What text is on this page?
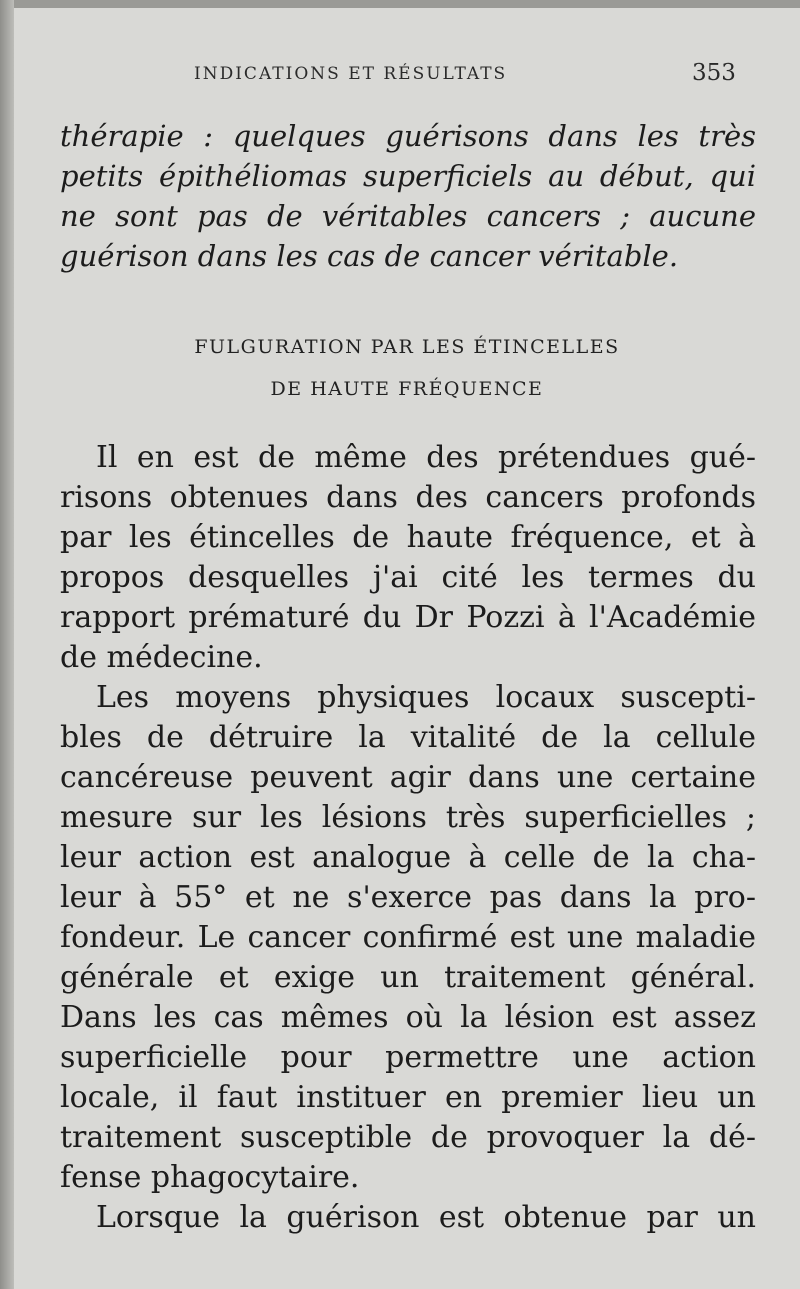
INDICATIONS ET RÉSULTATS	353
thérapie : quelques guérisons dans les très
petits épithéliomas superficiels au début, qui
ne sont pas de véritables cancers ; aucune
guérison dans les cas de cancer véritable.
FULGURATION PAR LES ÉTINCELLES
DE HAUTE FRÉQUENCE
Il en est de même des prétendues gué-
risons obtenues dans des cancers profonds
par les étincelles de haute fréquence, et à
propos desquelles j'ai cité les termes du
rapport prématuré du Dr Pozzi à l'Académie
de médecine.
Les moyens physiques locaux suscepti-
bles de détruire la vitalité de la cellule
cancéreuse peuvent agir dans une certaine
mesure sur les lésions très superficielles ;
leur action est analogue à celle de la cha-
leur à 55° et ne s'exerce pas dans la pro-
fondeur. Le cancer confirmé est une maladie
générale et exige un traitement général.
Dans les cas mêmes où la lésion est assez
superficielle pour permettre une action
locale, il faut instituer en premier lieu un
traitement susceptible de provoquer la dé-
fense phagocytaire.
Lorsque la guérison est obtenue par un
